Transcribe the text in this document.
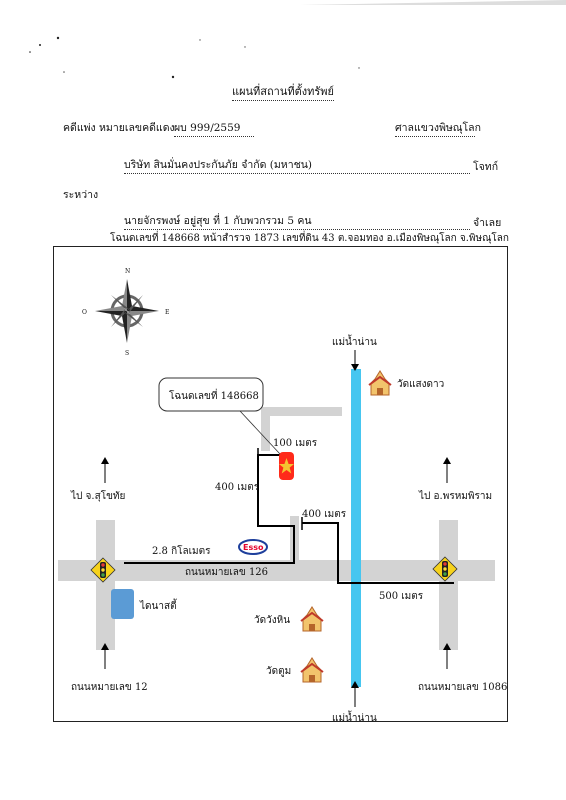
แผนที่สถานที่ตั้งทรัพย์
คดีแพ่ง หมายเลขคดีแดง ผบ 999/2559	ศาลแขวงพิษณุโลก
บริษัท สินมั่นคงประกันภัย จำกัด (มหาชน)	โจทก์
ระหว่าง
นายจักรพงษ์ อยู่สุข ที่ 1 กับพวกรวม 5 คน	จำเลย
โฉนดเลขที่ 148668 หน้าสำรวจ 1873 เลขที่ดิน 43 ต.จอมทอง อ.เมืองพิษณุโลก จ.พิษณุโลก
โฉนดเลขที่ 148668
N
S
E
O
แม่น้ำน่าน
แม่น้ำน่าน
วัดแสงดาว
วัดวังหิน
วัดตูม
100 เมตร
400 เมตร
400 เมตร
2.8 กิโลเมตร
500 เมตร
Esso
ถนนหมายเลข 126
ถนนหมายเลข 12	ถนนหมายเลข 1086
ไดนาสตี้
ไป จ.สุโขทัย	ไป อ.พรหมพิราม
